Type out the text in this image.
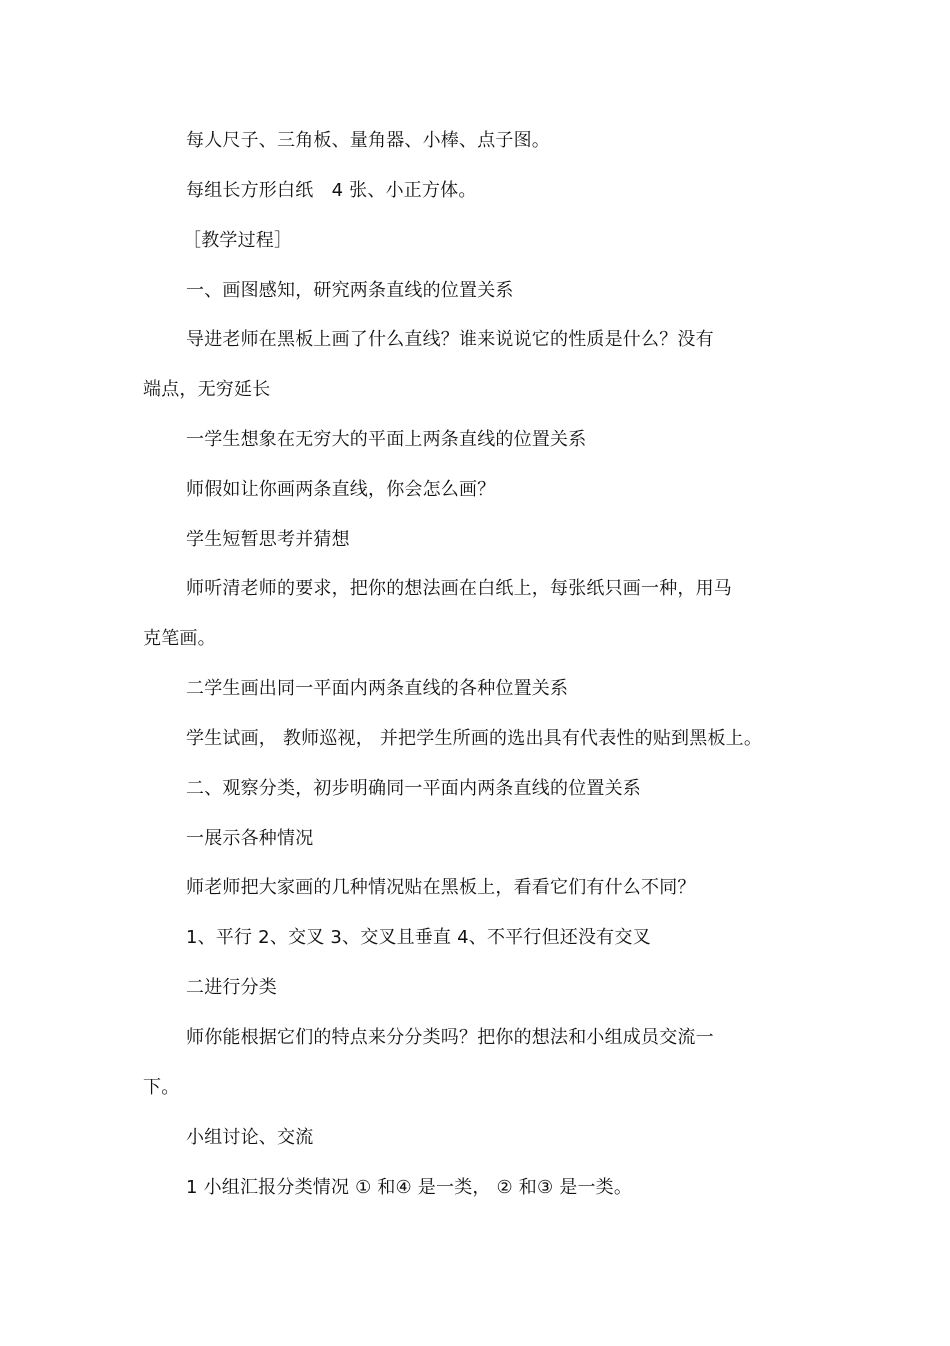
每人尺子、三角板、量角器、小棒、点子图。
每组长方形白纸　4 张、小正方体。
［教学过程］
一、画图感知，研究两条直线的位置关系
导进老师在黑板上画了什么直线？谁来说说它的性质是什么？没有
端点，无穷延长
一学生想象在无穷大的平面上两条直线的位置关系
师假如让你画两条直线，你会怎么画？
学生短暂思考并猜想
师听清老师的要求，把你的想法画在白纸上，每张纸只画一种，用马
克笔画。
二学生画出同一平面内两条直线的各种位置关系
学生试画， 教师巡视， 并把学生所画的选出具有代表性的贴到黑板上。
二、观察分类，初步明确同一平面内两条直线的位置关系
一展示各种情况
师老师把大家画的几种情况贴在黑板上，看看它们有什么不同？
1、平行 2、交叉 3、交叉且垂直 4、不平行但还没有交叉
二进行分类
师你能根据它们的特点来分分类吗？把你的想法和小组成员交流一
下。
小组讨论、交流
1 小组汇报分类情况 ① 和④ 是一类， ② 和③ 是一类。
